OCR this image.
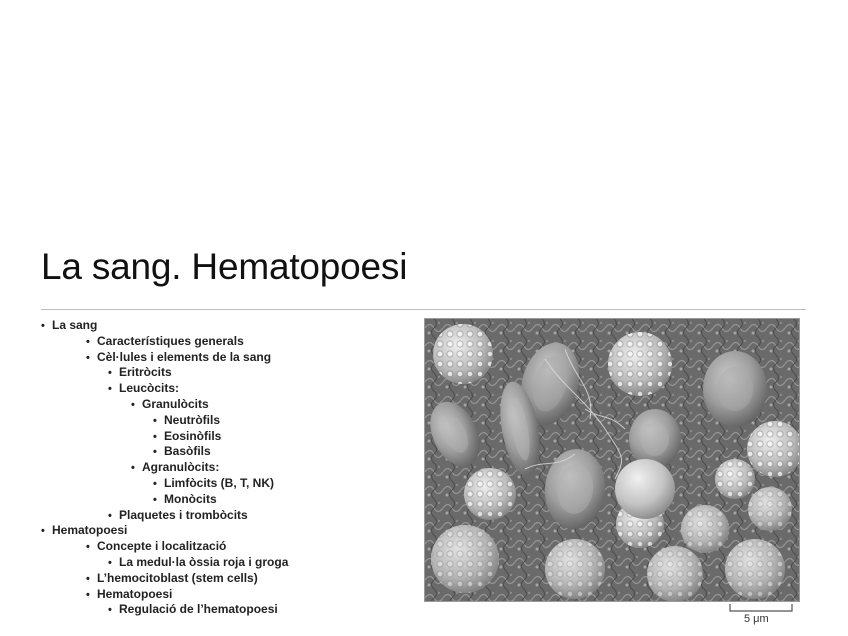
La sang. Hematopoesi
• La sang
• Característiques generals
• Cèl·lules i elements de la sang
• Eritròcits
• Leucòcits:
• Granulòcits
• Neutròfils
• Eosinòfils
• Basòfils
• Agranulòcits:
• Limfòcits (B, T, NK)
• Monòcits
• Plaquetes i trombòcits
• Hematopoesi
• Concepte i localització
• La medul·la òssia roja i groga
• L’hemocitoblast (stem cells)
• Hematopoesi
• Regulació de l’hematopoesi
5 μm
